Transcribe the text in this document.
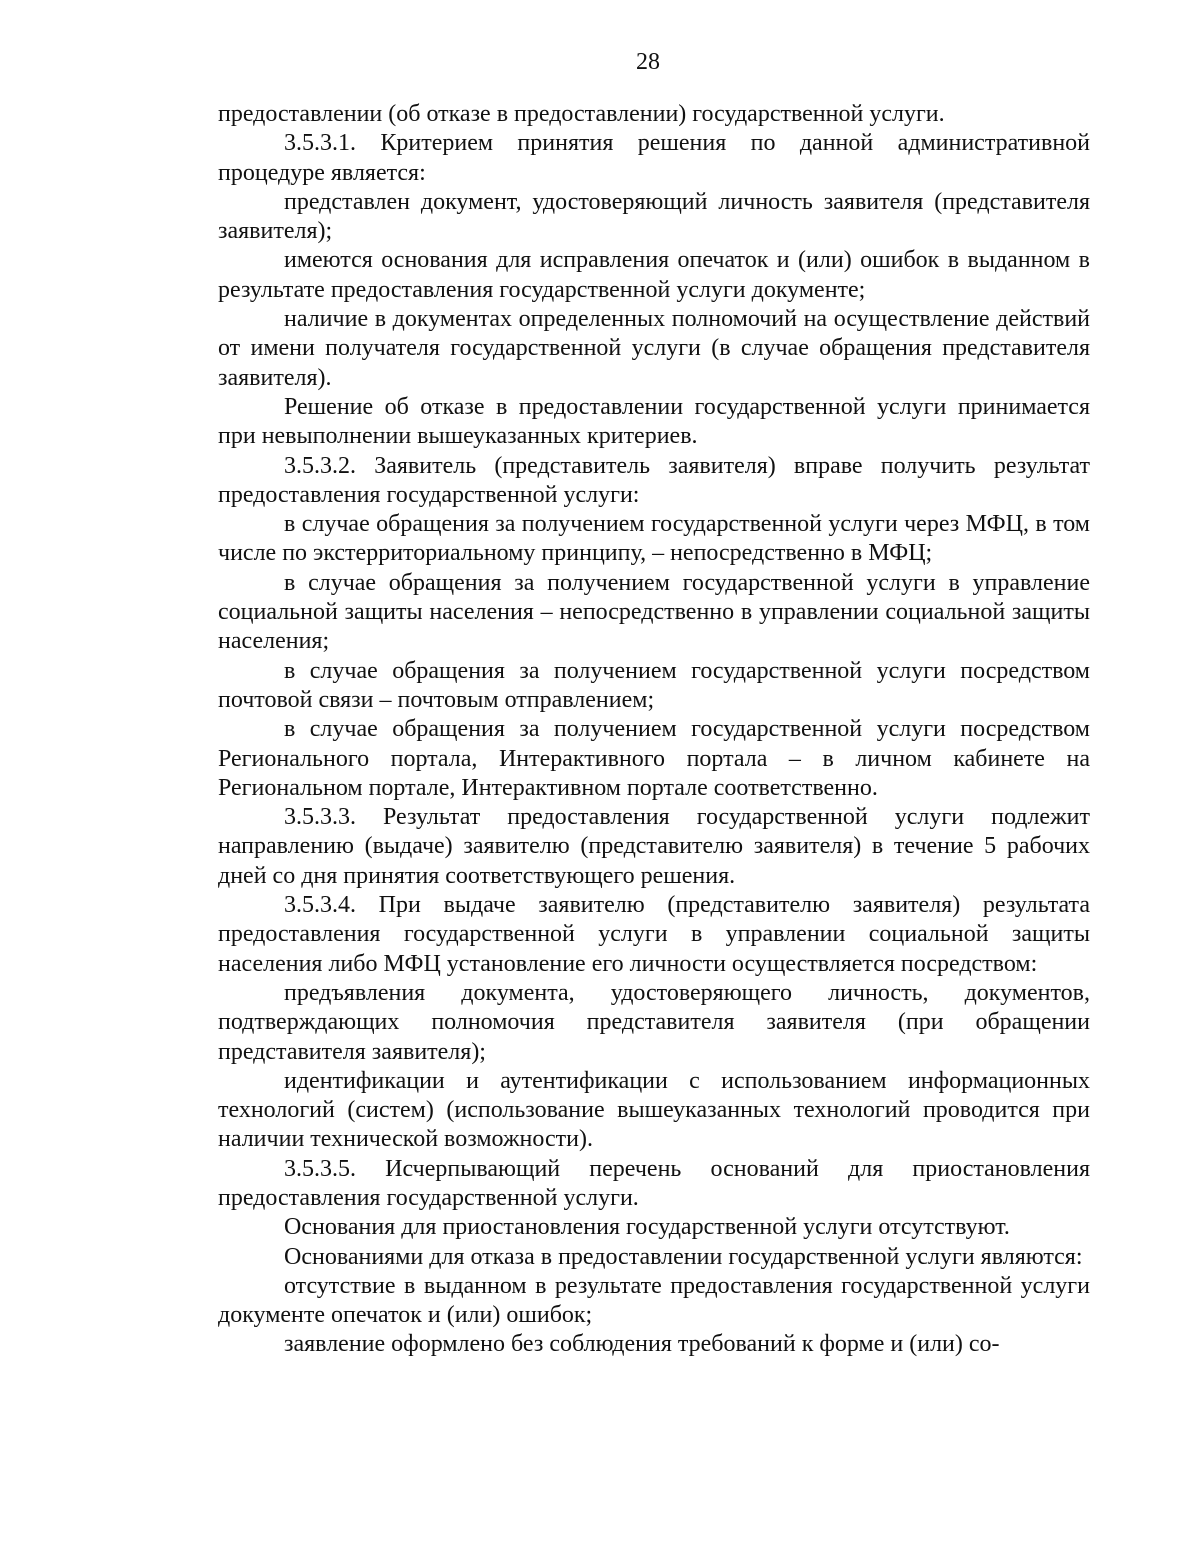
28

предоставлении (об отказе в предоставлении) государственной услуги.

3.5.3.1. Критерием принятия решения по данной административной процедуре является:

представлен документ, удостоверяющий личность заявителя (представителя заявителя);

имеются основания для исправления опечаток и (или) ошибок в выданном в результате предоставления государственной услуги документе;

наличие в документах определенных полномочий на осуществление действий от имени получателя государственной услуги (в случае обращения представителя заявителя).

Решение об отказе в предоставлении государственной услуги принимается при невыполнении вышеуказанных критериев.

3.5.3.2. Заявитель (представитель заявителя) вправе получить результат предоставления государственной услуги:

в случае обращения за получением государственной услуги через МФЦ, в том числе по экстерриториальному принципу, – непосредственно в МФЦ;

в случае обращения за получением государственной услуги в управление социальной защиты населения – непосредственно в управлении социальной защиты населения;

в случае обращения за получением государственной услуги посредством почтовой связи – почтовым отправлением;

в случае обращения за получением государственной услуги посредством Регионального портала, Интерактивного портала – в личном кабинете на Региональном портале, Интерактивном портале соответственно.

3.5.3.3. Результат предоставления государственной услуги подлежит направлению (выдаче) заявителю (представителю заявителя) в течение 5 рабочих дней со дня принятия соответствующего решения.

3.5.3.4. При выдаче заявителю (представителю заявителя) результата предоставления государственной услуги в управлении социальной защиты населения либо МФЦ установление его личности осуществляется посредством:

предъявления документа, удостоверяющего личность, документов, подтверждающих полномочия представителя заявителя (при обращении представителя заявителя);

идентификации и аутентификации с использованием информационных технологий (систем) (использование вышеуказанных технологий проводится при наличии технической возможности).

3.5.3.5. Исчерпывающий перечень оснований для приостановления предоставления государственной услуги.

Основания для приостановления государственной услуги отсутствуют.

Основаниями для отказа в предоставлении государственной услуги являются:

отсутствие в выданном в результате предоставления государственной услуги документе опечаток и (или) ошибок;

заявление оформлено без соблюдения требований к форме и (или) со-
